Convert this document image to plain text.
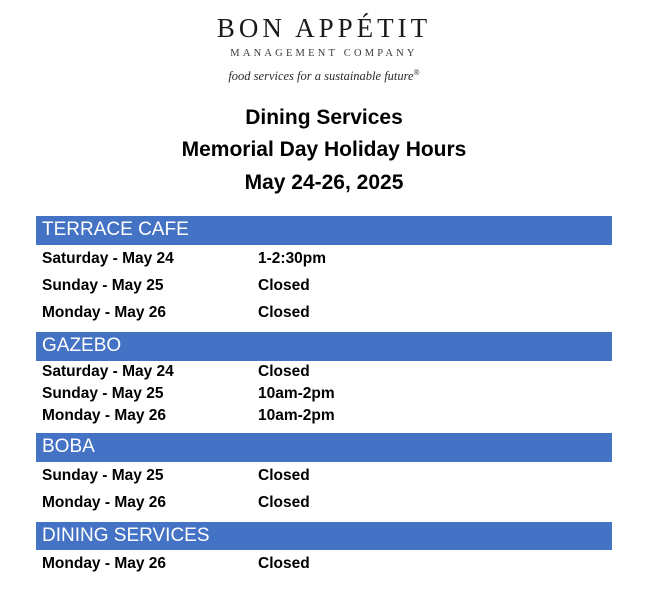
BON APPÉTIT
MANAGEMENT COMPANY
food services for a sustainable future®
Dining Services
Memorial Day Holiday Hours
May 24-26, 2025
TERRACE CAFE
Saturday - May 24	1-2:30pm
Sunday - May 25	Closed
Monday - May 26	Closed
GAZEBO
Saturday - May 24	Closed
Sunday - May 25	10am-2pm
Monday - May 26	10am-2pm
BOBA
Sunday - May 25	Closed
Monday - May 26	Closed
DINING SERVICES
Monday - May 26	Closed
